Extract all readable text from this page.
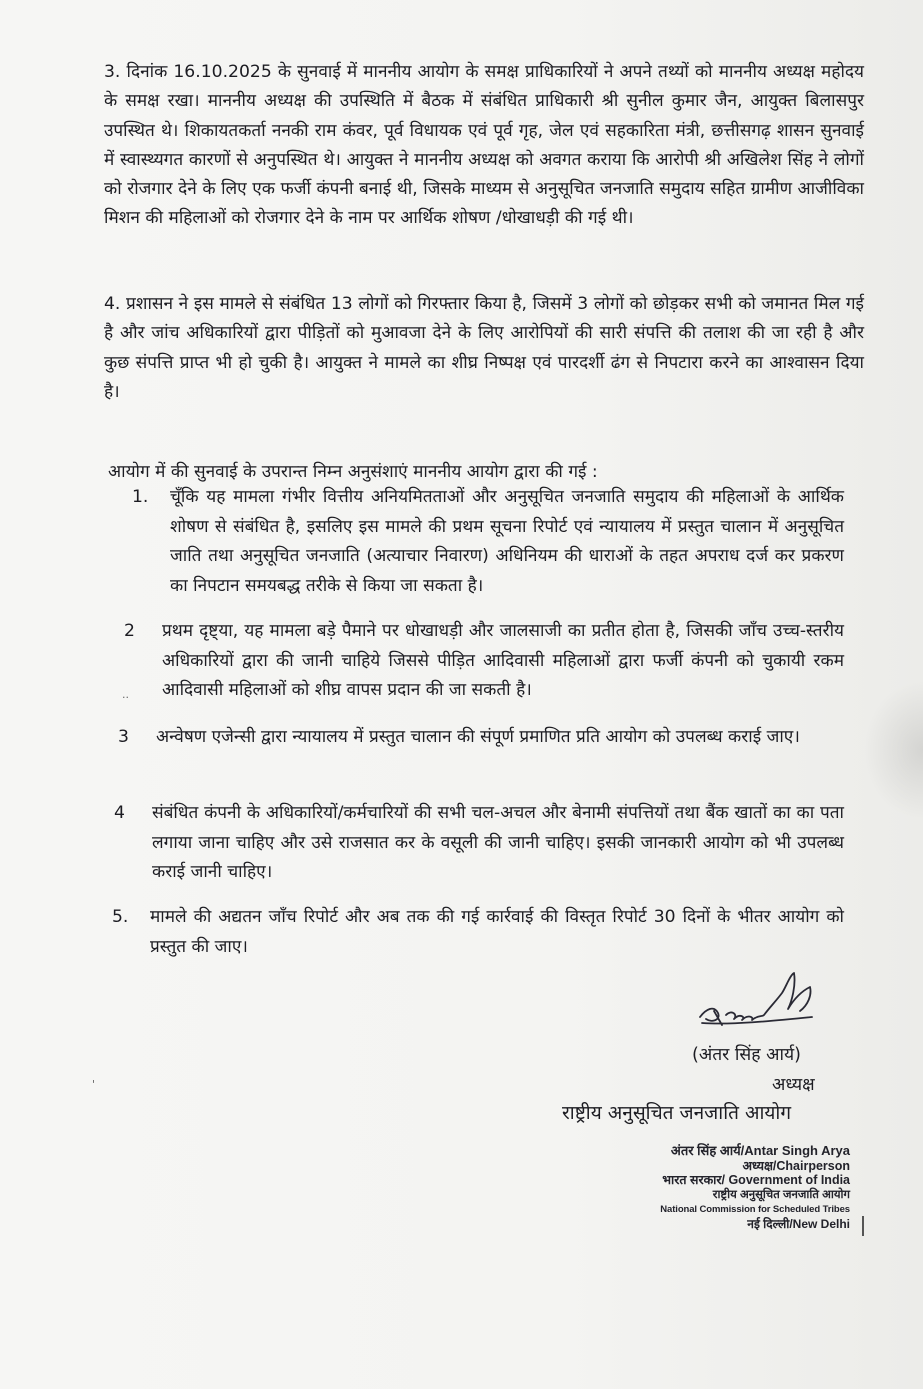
3. दिनांक 16.10.2025 के सुनवाई में माननीय आयोग के समक्ष प्राधिकारियों ने अपने तथ्यों को माननीय अध्यक्ष महोदय के समक्ष रखा। माननीय अध्यक्ष की उपस्थिति में बैठक में संबंधित प्राधिकारी श्री सुनील कुमार जैन, आयुक्त बिलासपुर उपस्थित थे। शिकायतकर्ता ननकी राम कंवर, पूर्व विधायक एवं पूर्व गृह, जेल एवं सहकारिता मंत्री, छत्तीसगढ़ शासन सुनवाई में स्वास्थ्यगत कारणों से अनुपस्थित थे। आयुक्त ने माननीय अध्यक्ष को अवगत कराया कि आरोपी श्री अखिलेश सिंह ने लोगों को रोजगार देने के लिए एक फर्जी कंपनी बनाई थी, जिसके माध्यम से अनुसूचित जनजाति समुदाय सहित ग्रामीण आजीविका मिशन की महिलाओं को रोजगार देने के नाम पर आर्थिक शोषण /धोखाधड़ी की गई थी।

4. प्रशासन ने इस मामले से संबंधित 13 लोगों को गिरफ्तार किया है, जिसमें 3 लोगों को छोड़कर सभी को जमानत मिल गई है और जांच अधिकारियों द्वारा पीड़ितों को मुआवजा देने के लिए आरोपियों की सारी संपत्ति की तलाश की जा रही है और कुछ संपत्ति प्राप्त भी हो चुकी है। आयुक्त ने मामले का शीघ्र निष्पक्ष एवं पारदर्शी ढंग से निपटारा करने का आश्वासन दिया है।

आयोग में की सुनवाई के उपरान्त निम्न अनुसंशाएं माननीय आयोग द्वारा की गई :

1.	चूँकि यह मामला गंभीर वित्तीय अनियमितताओं और अनुसूचित जनजाति समुदाय की महिलाओं के आर्थिक शोषण से संबंधित है, इसलिए इस मामले की प्रथम सूचना रिपोर्ट एवं न्यायालय में प्रस्तुत चालान में अनुसूचित जाति तथा अनुसूचित जनजाति (अत्याचार निवारण) अधिनियम की धाराओं के तहत अपराध दर्ज कर प्रकरण का निपटान समयबद्ध तरीके से किया जा सकता है।
2	प्रथम दृष्ट्या, यह मामला बड़े पैमाने पर धोखाधड़ी और जालसाजी का प्रतीत होता है, जिसकी जाँच उच्च-स्तरीय अधिकारियों द्वारा की जानी चाहिये जिससे पीड़ित आदिवासी महिलाओं द्वारा फर्जी कंपनी को चुकायी रकम आदिवासी महिलाओं को शीघ्र वापस प्रदान की जा सकती है।
3	अन्वेषण एजेन्सी द्वारा न्यायालय में प्रस्तुत चालान की संपूर्ण प्रमाणित प्रति आयोग को उपलब्ध कराई जाए।
4	संबंधित कंपनी के अधिकारियों/कर्मचारियों की सभी चल-अचल और बेनामी संपत्तियों तथा बैंक खातों का का पता लगाया जाना चाहिए और उसे राजसात कर के वसूली की जानी चाहिए। इसकी जानकारी आयोग को भी उपलब्ध कराई जानी चाहिए।
5.	मामले की अद्यतन जाँच रिपोर्ट और अब तक की गई कार्रवाई की विस्तृत रिपोर्ट 30 दिनों के भीतर आयोग को प्रस्तुत की जाए।
(अंतर सिंह आर्य)
अध्यक्ष
राष्ट्रीय अनुसूचित जनजाति आयोग
अंतर सिंह आर्य/Antar Singh Arya
अध्यक्ष/Chairperson
भारत सरकार/ Government of India
राष्ट्रीय अनुसूचित जनजाति आयोग
National Commission for Scheduled Tribes
नई दिल्ली/New Delhi
..
'
